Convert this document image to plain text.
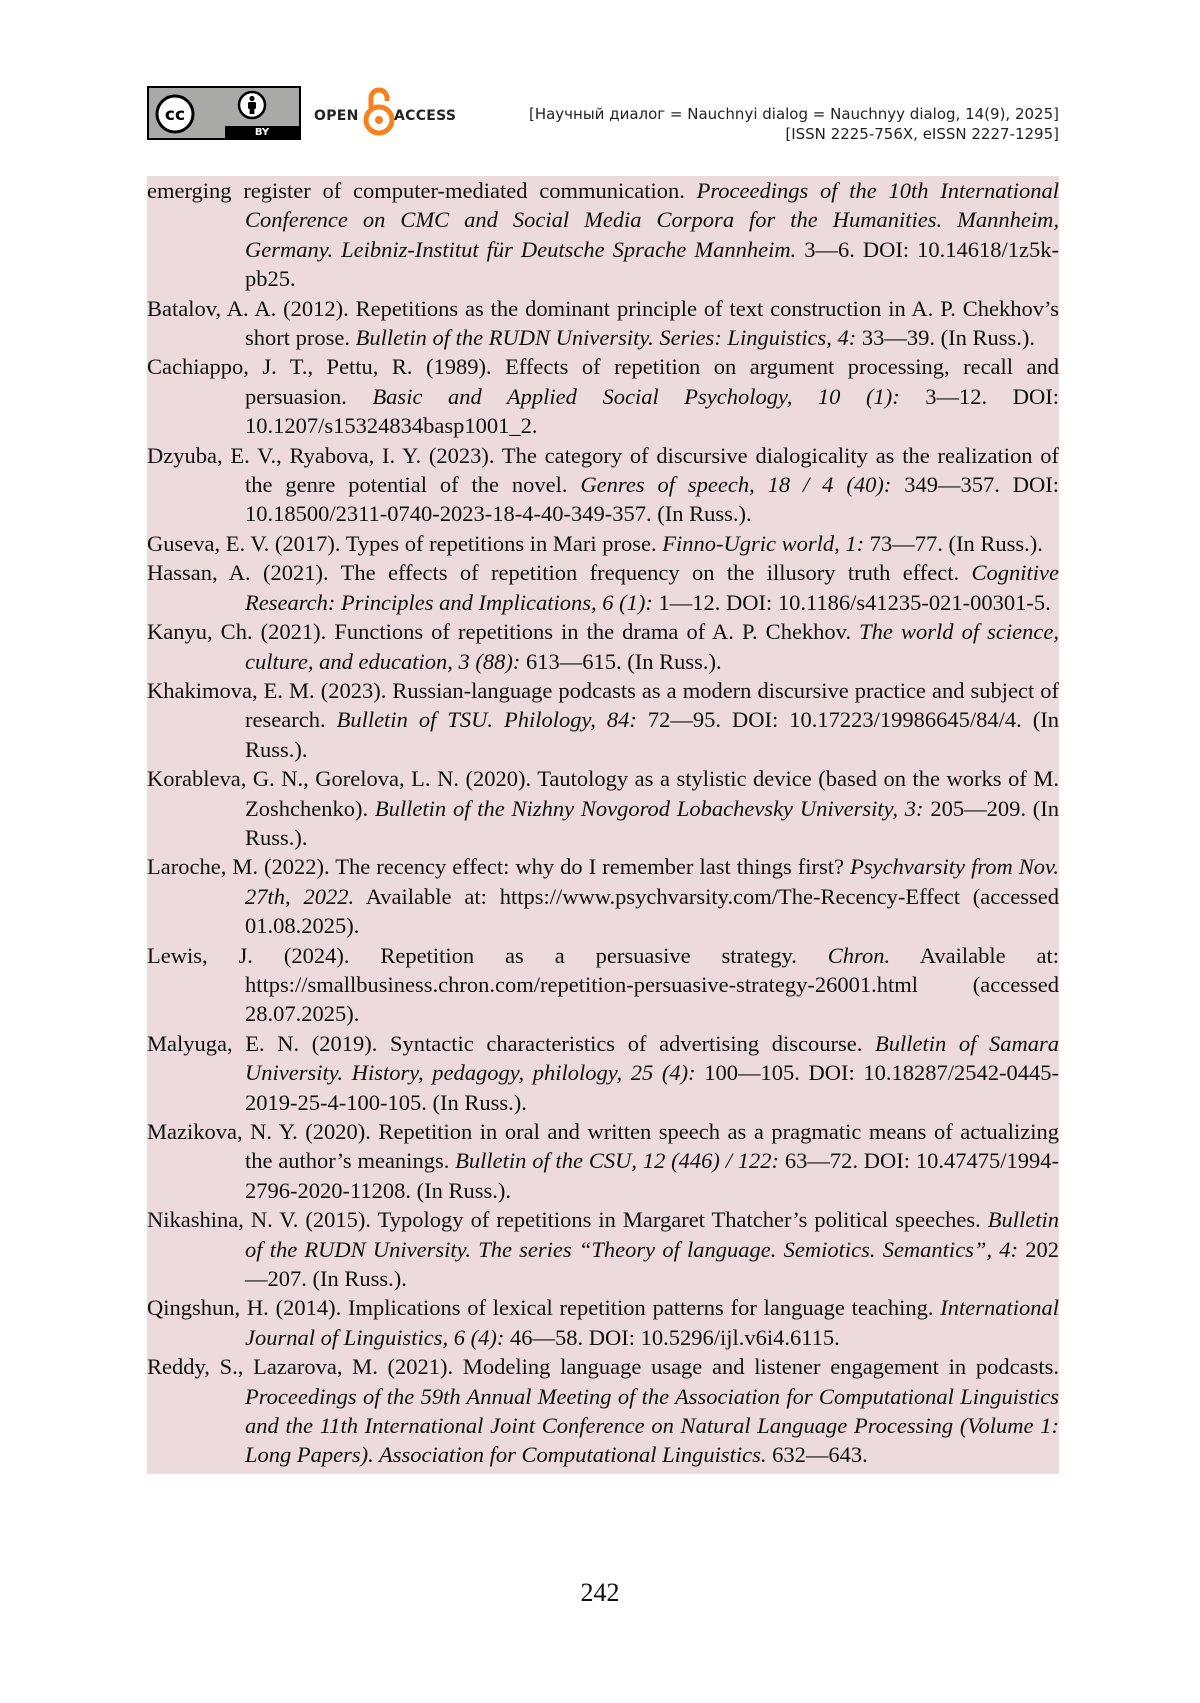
cc
BY
OPEN	ACCESS	[Научный диалог = Nauchnyi dialog = Nauchnyy dialog, 14(9), 2025]
[ISSN 2225-756X, eISSN 2227-1295]

emerging register of computer-mediated communication. Proceedings of the 10th International Conference on CMC and Social Media Corpora for the Humanities. Mannheim, Germany. Leibniz-Institut für Deutsche Sprache Mannheim. 3—6. DOI: 10.14618/1z5k-pb25.

Batalov, A. A. (2012). Repetitions as the dominant principle of text construction in A. P. Chekhov’s short prose. Bulletin of the RUDN University. Series: Linguistics, 4: 33—39. (In Russ.).

Cachiappo, J. T., Pettu, R. (1989). Effects of repetition on argument processing, recall and persuasion. Basic and Applied Social Psychology, 10 (1): 3—12. DOI: 10.1207/s15324834basp1001_2.

Dzyuba, E. V., Ryabova, I. Y. (2023). The category of discursive dialogicality as the realization of the genre potential of the novel. Genres of speech, 18 / 4 (40): 349—357. DOI: 10.18500/2311-0740-2023-18-4-40-349-357. (In Russ.).

Guseva, E. V. (2017). Types of repetitions in Mari prose. Finno-Ugric world, 1: 73—77. (In Russ.).

Hassan, A. (2021). The effects of repetition frequency on the illusory truth effect. Cognitive Research: Principles and Implications, 6 (1): 1—12. DOI: 10.1186/s41235-021-00301-5.

Kanyu, Ch. (2021). Functions of repetitions in the drama of A. P. Chekhov. The world of science, culture, and education, 3 (88): 613—615. (In Russ.).

Khakimova, E. M. (2023). Russian-language podcasts as a modern discursive practice and subject of research. Bulletin of TSU. Philology, 84: 72—95. DOI: 10.17223/19986645/84/4. (In Russ.).

Korableva, G. N., Gorelova, L. N. (2020). Tautology as a stylistic device (based on the works of M. Zoshchenko). Bulletin of the Nizhny Novgorod Lobachevsky University, 3: 205—209. (In Russ.).

Laroche, M. (2022). The recency effect: why do I remember last things first? Psychvarsity from Nov. 27th, 2022. Available at: https://www.psychvarsity.com/The-Recency-Effect (accessed 01.08.2025).

Lewis, J. (2024). Repetition as a persuasive strategy. Chron. Available at: https://smallbusiness.chron.com/repetition-persuasive-strategy-26001.html (accessed 28.07.2025).

Malyuga, E. N. (2019). Syntactic characteristics of advertising discourse. Bulletin of Samara University. History, pedagogy, philology, 25 (4): 100—105. DOI: 10.18287/2542-0445-2019-25-4-100-105. (In Russ.).

Mazikova, N. Y. (2020). Repetition in oral and written speech as a pragmatic means of actualizing the author’s meanings. Bulletin of the CSU, 12 (446) / 122: 63—72. DOI: 10.47475/1994-2796-2020-11208. (In Russ.).

Nikashina, N. V. (2015). Typology of repetitions in Margaret Thatcher’s political speeches. Bulletin of the RUDN University. The series “Theory of language. Semiotics. Semantics”, 4: 202—207. (In Russ.).

Qingshun, H. (2014). Implications of lexical repetition patterns for language teaching. International Journal of Linguistics, 6 (4): 46—58. DOI: 10.5296/ijl.v6i4.6115.

Reddy, S., Lazarova, M. (2021). Modeling language usage and listener engagement in podcasts. Proceedings of the 59th Annual Meeting of the Association for Computational Linguistics and the 11th International Joint Conference on Natural Language Processing (Volume 1: Long Papers). Association for Computational Linguistics. 632—643.

242
